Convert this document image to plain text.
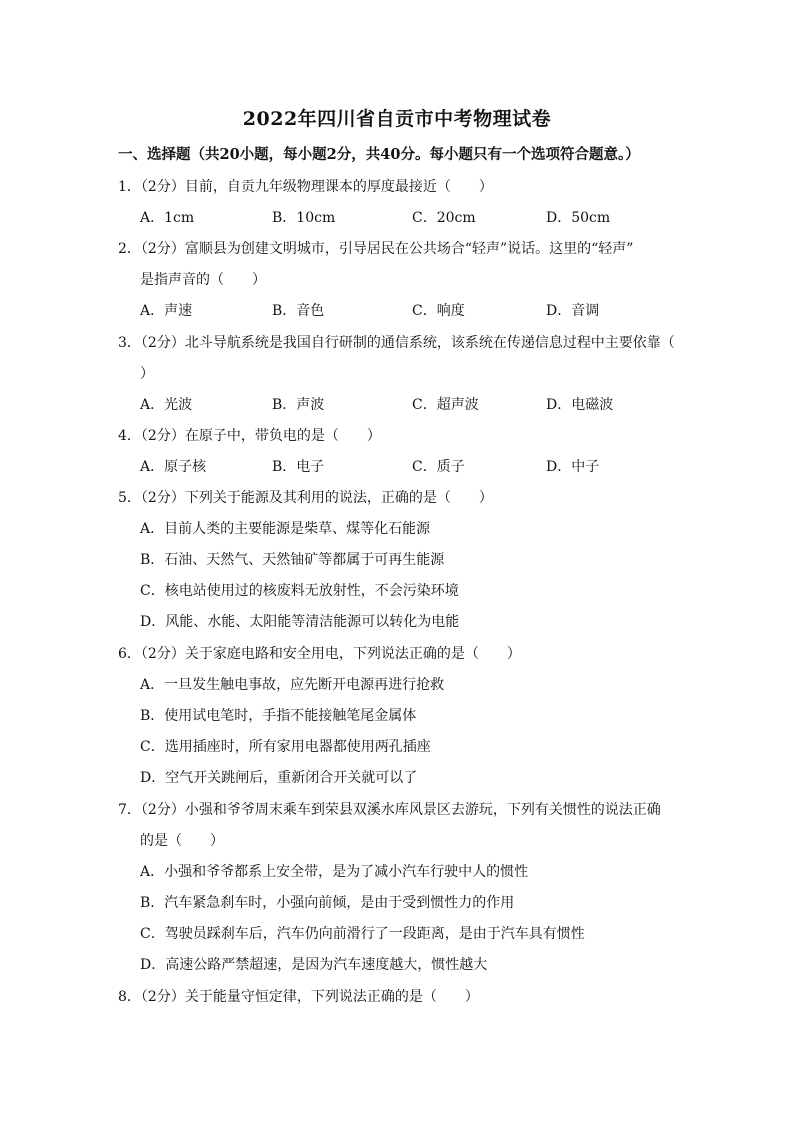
2022年四川省自贡市中考物理试卷
一、选择题（共20小题，每小题2分，共40分。每小题只有一个选项符合题意。）
1．（2分）目前，自贡九年级物理课本的厚度最接近（　　）
A．1cm	B．10cm	C．20cm	D．50cm
2．（2分）富顺县为创建文明城市，引导居民在公共场合“轻声”说话。这里的“轻声”
是指声音的（　　）
A．声速	B．音色	C．响度	D．音调
3．（2分）北斗导航系统是我国自行研制的通信系统，该系统在传递信息过程中主要依靠（
）
A．光波	B．声波	C．超声波	D．电磁波
4．（2分）在原子中，带负电的是（　　）
A．原子核	B．电子	C．质子	D．中子
5．（2分）下列关于能源及其利用的说法，正确的是（　　）
A．目前人类的主要能源是柴草、煤等化石能源
B．石油、天然气、天然铀矿等都属于可再生能源
C．核电站使用过的核废料无放射性，不会污染环境
D．风能、水能、太阳能等清洁能源可以转化为电能
6．（2分）关于家庭电路和安全用电，下列说法正确的是（　　）
A．一旦发生触电事故，应先断开电源再进行抢救
B．使用试电笔时，手指不能接触笔尾金属体
C．选用插座时，所有家用电器都使用两孔插座
D．空气开关跳闸后，重新闭合开关就可以了
7．（2分）小强和爷爷周末乘车到荣县双溪水库风景区去游玩，下列有关惯性的说法正确
的是（　　）
A．小强和爷爷都系上安全带，是为了减小汽车行驶中人的惯性
B．汽车紧急刹车时，小强向前倾，是由于受到惯性力的作用
C．驾驶员踩刹车后，汽车仍向前滑行了一段距离，是由于汽车具有惯性
D．高速公路严禁超速，是因为汽车速度越大，惯性越大
8．（2分）关于能量守恒定律，下列说法正确的是（　　）
